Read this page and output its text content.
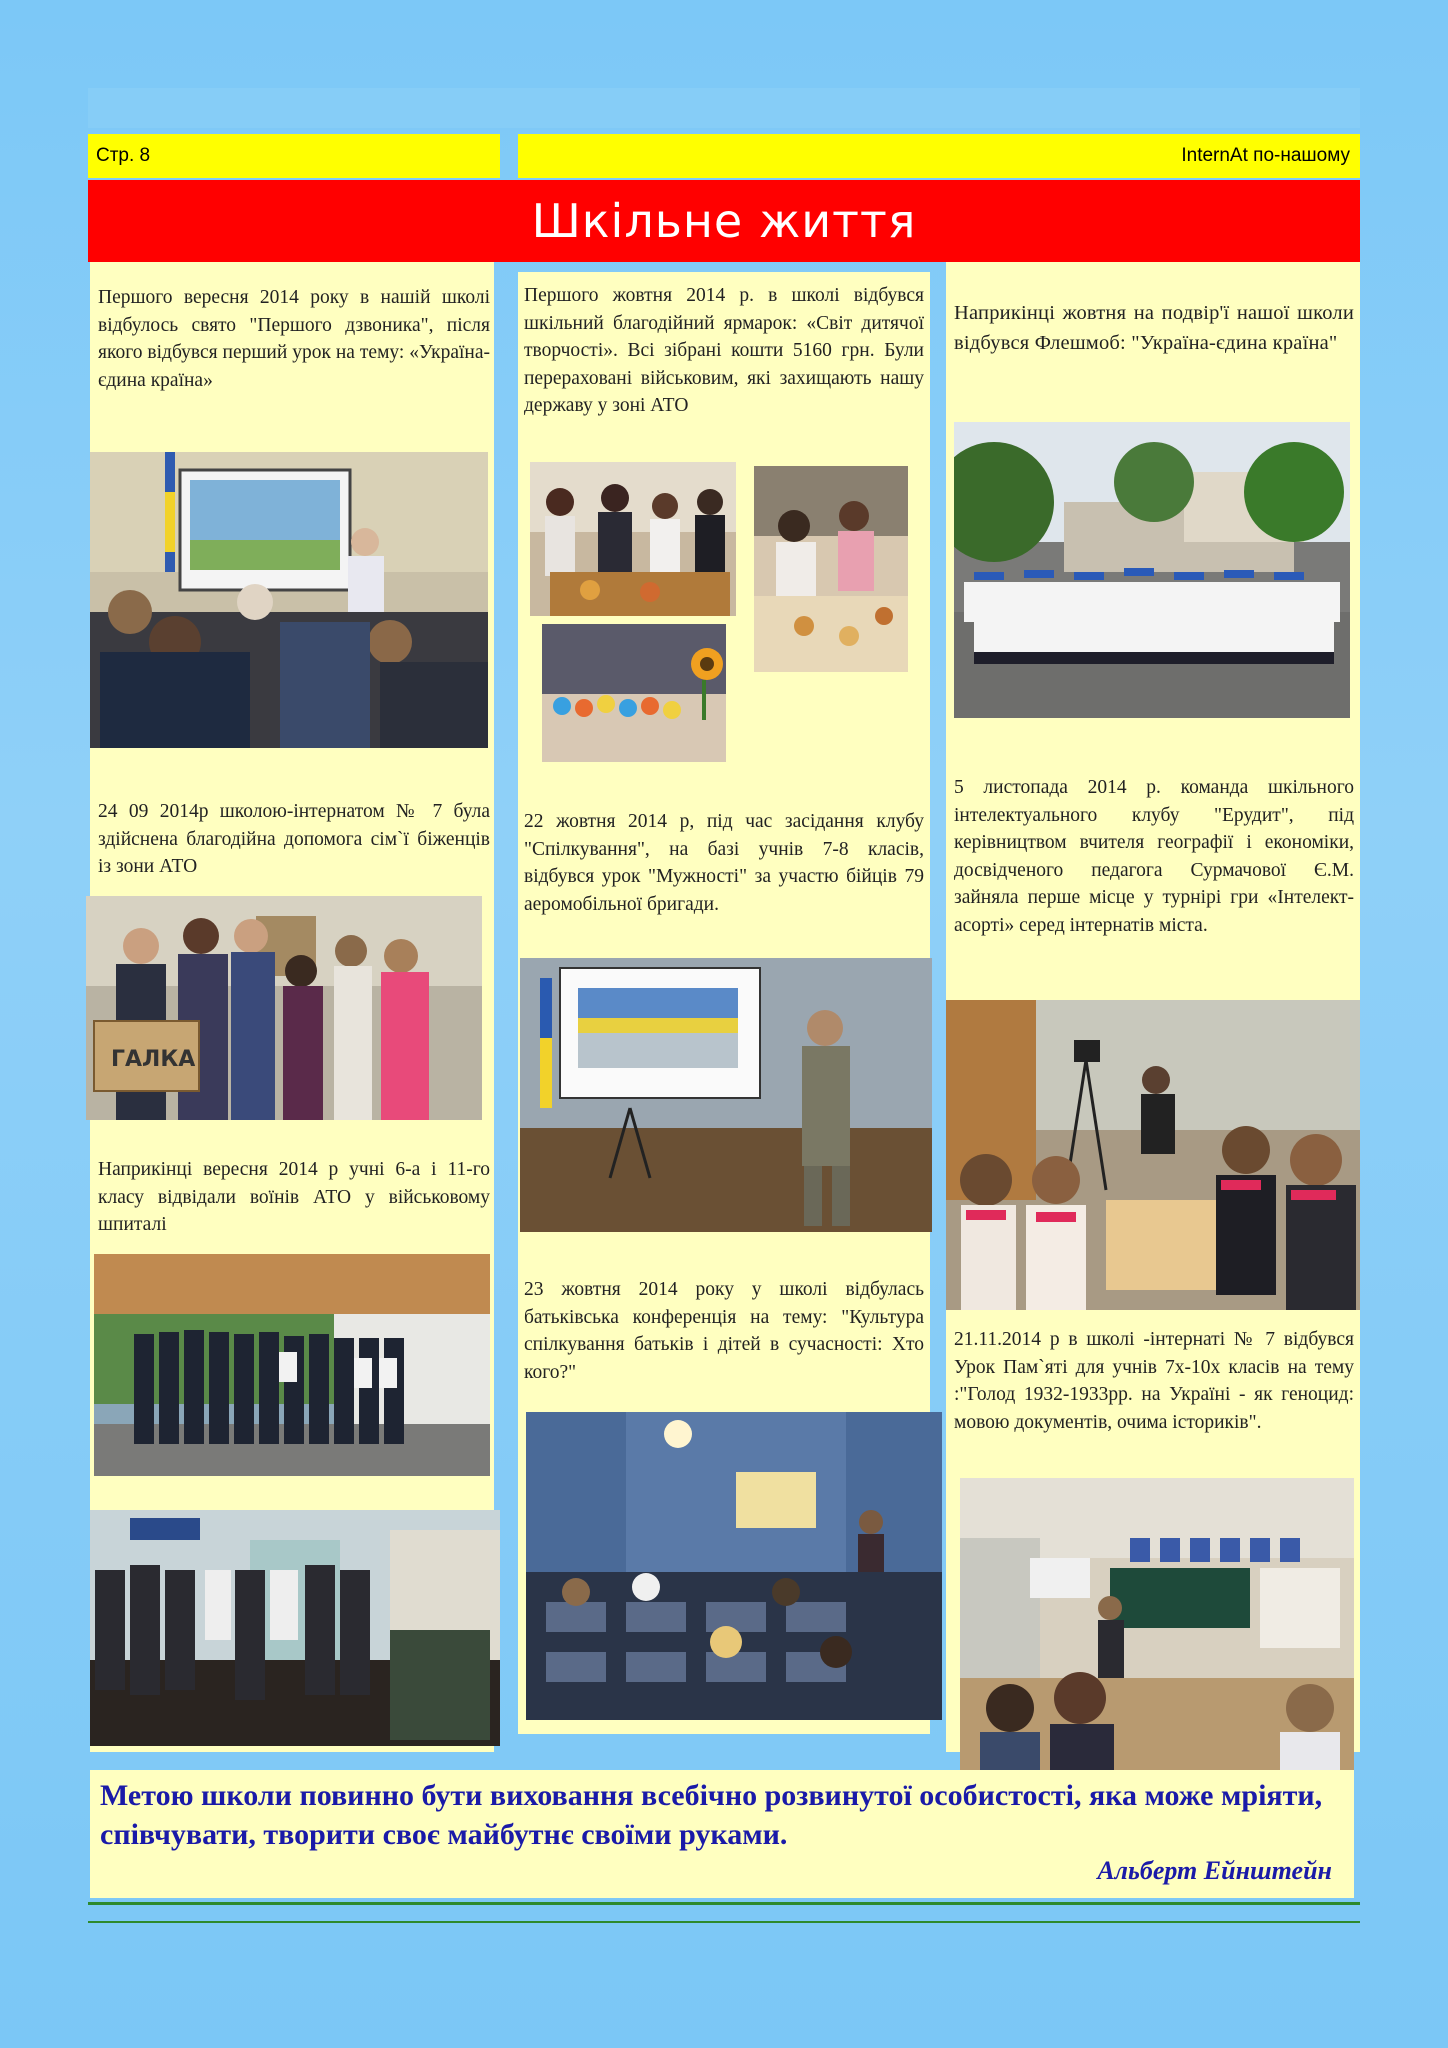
Стр. 8	InternAt по-нашому
Шкільне життя
Першого вересня 2014 року в нашій школі відбулось свято "Першого дзвоника", після якого відбувся перший урок на тему: «Україна-єдина країна»
24 09 2014р школою-інтернатом № 7 була здійснена благодійна допомога сім`ї біженців із зони АТО
ГАЛКА
Наприкінці вересня 2014 р учні 6-а і 11-го класу відвідали воїнів АТО у військовому шпиталі
Першого жовтня 2014 р. в школі відбувся шкільний благодійний ярмарок: «Світ дитячої творчості». Всі зібрані кошти 5160 грн. Були перераховані військовим, які захищають нашу державу у зоні АТО
22 жовтня 2014 р, під час засідання клубу "Спілкування", на базі учнів 7-8 класів, відбувся урок "Мужності" за участю бійців 79 аеромобільної бригади.
23 жовтня 2014 року у школі відбулась батьківська конференція на тему: "Культура спілкування батьків і дітей в сучасності: Хто кого?"
Наприкінці жовтня на подвір'ї нашої школи відбувся Флешмоб: "Україна-єдина країна"
5 листопада 2014 р. команда шкільного інтелектуального клубу "Ерудит", під керівництвом вчителя географії і економіки, досвідченого педагога Сурмачової Є.М. зайняла перше місце у турнірі гри «Інтелект-асорті» серед інтернатів міста.
21.11.2014 р в школі -інтернаті № 7 відбувся Урок Пам`яті для учнів 7х-10х класів на тему :"Голод 1932-1933рр. на Україні - як геноцид: мовою документів, очима істориків".
Метою школи повинно бути виховання всебічно розвинутої особистості, яка може мріяти, співчувати, творити своє майбутнє своїми руками.
Альберт Ейнштейн
